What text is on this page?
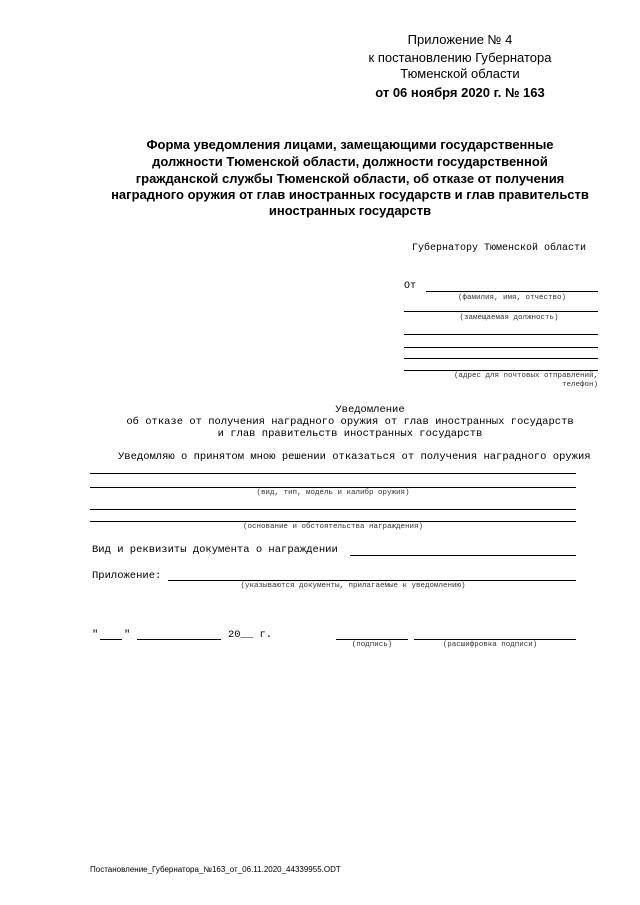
Приложение № 4
к постановлению Губернатора
Тюменской области
от 06 ноября 2020 г. № 163
Форма уведомления лицами, замещающими государственные
должности Тюменской области, должности государственной
гражданской службы Тюменской области, об отказе от получения
наградного оружия от глав иностранных государств и глав правительств
иностранных государств
Губернатору Тюменской области
От
(фамилия, имя, отчество)
(замещаемая должность)
(адрес для почтовых отправлений,
телефон)
Уведомление
об отказе от получения наградного оружия от глав иностранных государств
и глав правительств иностранных государств
Уведомляю о принятом мною решении отказаться от получения наградного оружия
(вид, тип, модель и калибр оружия)
(основание и обстоятельства награждения)
Вид и реквизиты документа о награждении
Приложение:
(указываются документы, прилагаемые к уведомлению)
" "	20__ г.
(подпись)	(расшифровка подписи)
Постановление_Губернатора_№163_от_06.11.2020_44339955.ODT
